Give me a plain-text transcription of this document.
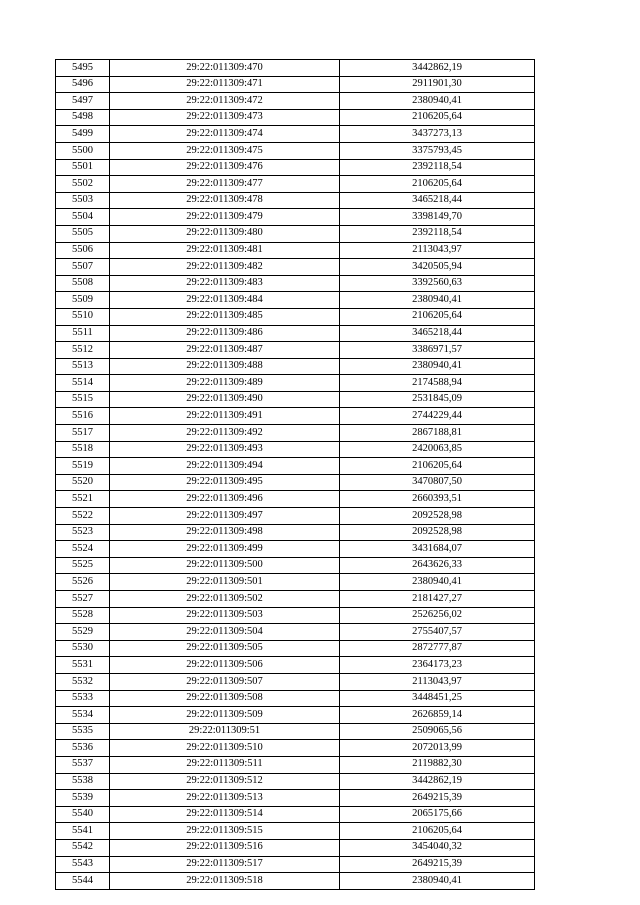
5495	29:22:011309:470	3442862,19
5496	29:22:011309:471	2911901,30
5497	29:22:011309:472	2380940,41
5498	29:22:011309:473	2106205,64
5499	29:22:011309:474	3437273,13
5500	29:22:011309:475	3375793,45
5501	29:22:011309:476	2392118,54
5502	29:22:011309:477	2106205,64
5503	29:22:011309:478	3465218,44
5504	29:22:011309:479	3398149,70
5505	29:22:011309:480	2392118,54
5506	29:22:011309:481	2113043,97
5507	29:22:011309:482	3420505,94
5508	29:22:011309:483	3392560,63
5509	29:22:011309:484	2380940,41
5510	29:22:011309:485	2106205,64
5511	29:22:011309:486	3465218,44
5512	29:22:011309:487	3386971,57
5513	29:22:011309:488	2380940,41
5514	29:22:011309:489	2174588,94
5515	29:22:011309:490	2531845,09
5516	29:22:011309:491	2744229,44
5517	29:22:011309:492	2867188,81
5518	29:22:011309:493	2420063,85
5519	29:22:011309:494	2106205,64
5520	29:22:011309:495	3470807,50
5521	29:22:011309:496	2660393,51
5522	29:22:011309:497	2092528,98
5523	29:22:011309:498	2092528,98
5524	29:22:011309:499	3431684,07
5525	29:22:011309:500	2643626,33
5526	29:22:011309:501	2380940,41
5527	29:22:011309:502	2181427,27
5528	29:22:011309:503	2526256,02
5529	29:22:011309:504	2755407,57
5530	29:22:011309:505	2872777,87
5531	29:22:011309:506	2364173,23
5532	29:22:011309:507	2113043,97
5533	29:22:011309:508	3448451,25
5534	29:22:011309:509	2626859,14
5535	29:22:011309:51	2509065,56
5536	29:22:011309:510	2072013,99
5537	29:22:011309:511	2119882,30
5538	29:22:011309:512	3442862,19
5539	29:22:011309:513	2649215,39
5540	29:22:011309:514	2065175,66
5541	29:22:011309:515	2106205,64
5542	29:22:011309:516	3454040,32
5543	29:22:011309:517	2649215,39
5544	29:22:011309:518	2380940,41
